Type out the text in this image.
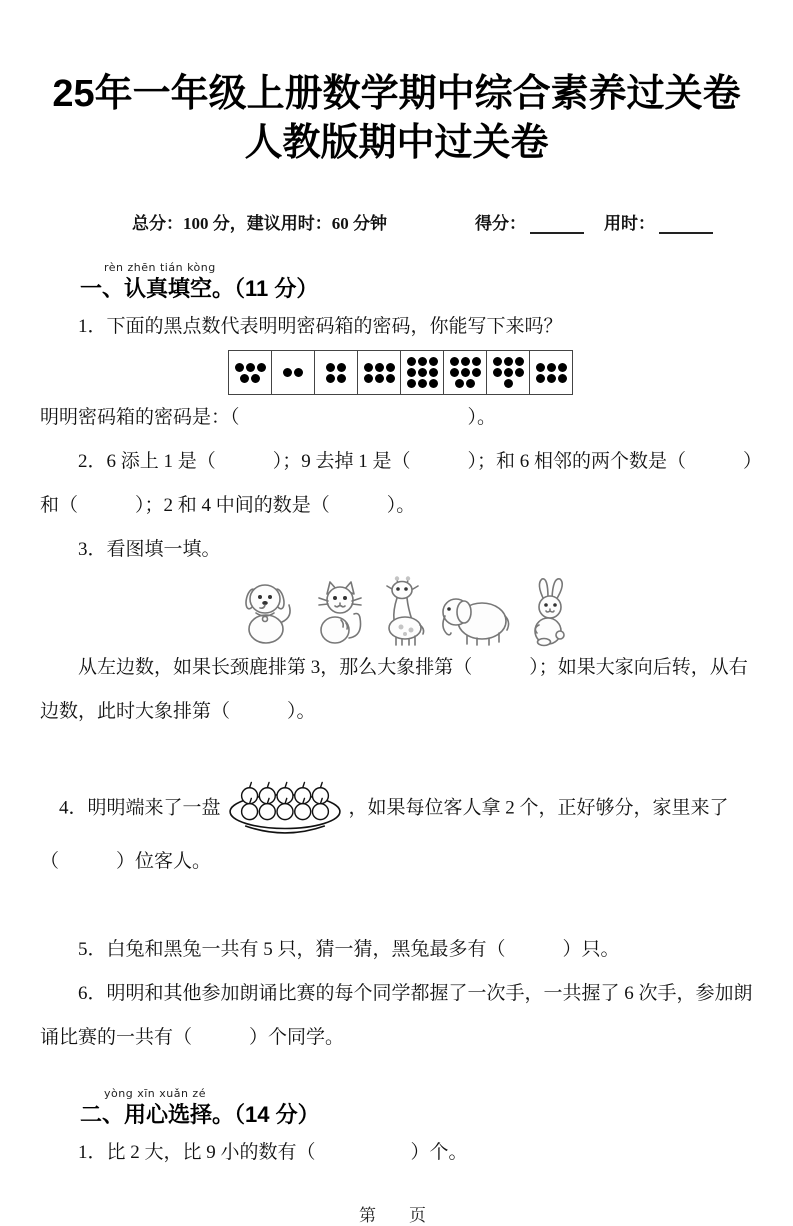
25年一年级上册数学期中综合素养过关卷
人教版期中过关卷
总分：100 分，建议用时：60 分钟	得分：	用时：
rèn zhēn tián kòng
一、认真填空。（11 分）

1．下面的黑点数代表明明密码箱的密码，你能写下来吗？

明明密码箱的密码是：（　　　　　　　　　　　　）。

2．6 添上 1 是（　　　）；9 去掉 1 是（　　　）；和 6 相邻的两个数是（　　　）和（　　　）；2 和 4 中间的数是（　　　）。

3．看图填一填。

从左边数，如果长颈鹿排第 3，那么大象排第（　　　）；如果大家向后转，从右边数，此时大象排第（　　　）。

4．明明端来了一盘	，如果每位客人拿 2 个，正好够分，家里来了（　　　）位客人。

5．白兔和黑兔一共有 5 只，猜一猜，黑兔最多有（　　　）只。

6．明明和其他参加朗诵比赛的每个同学都握了一次手，一共握了 6 次手，参加朗诵比赛的一共有（　　　）个同学。

yòng xīn xuǎn zé
二、用心选择。（14 分）

1．比 2 大，比 9 小的数有（　　　　　）个。

第　页
